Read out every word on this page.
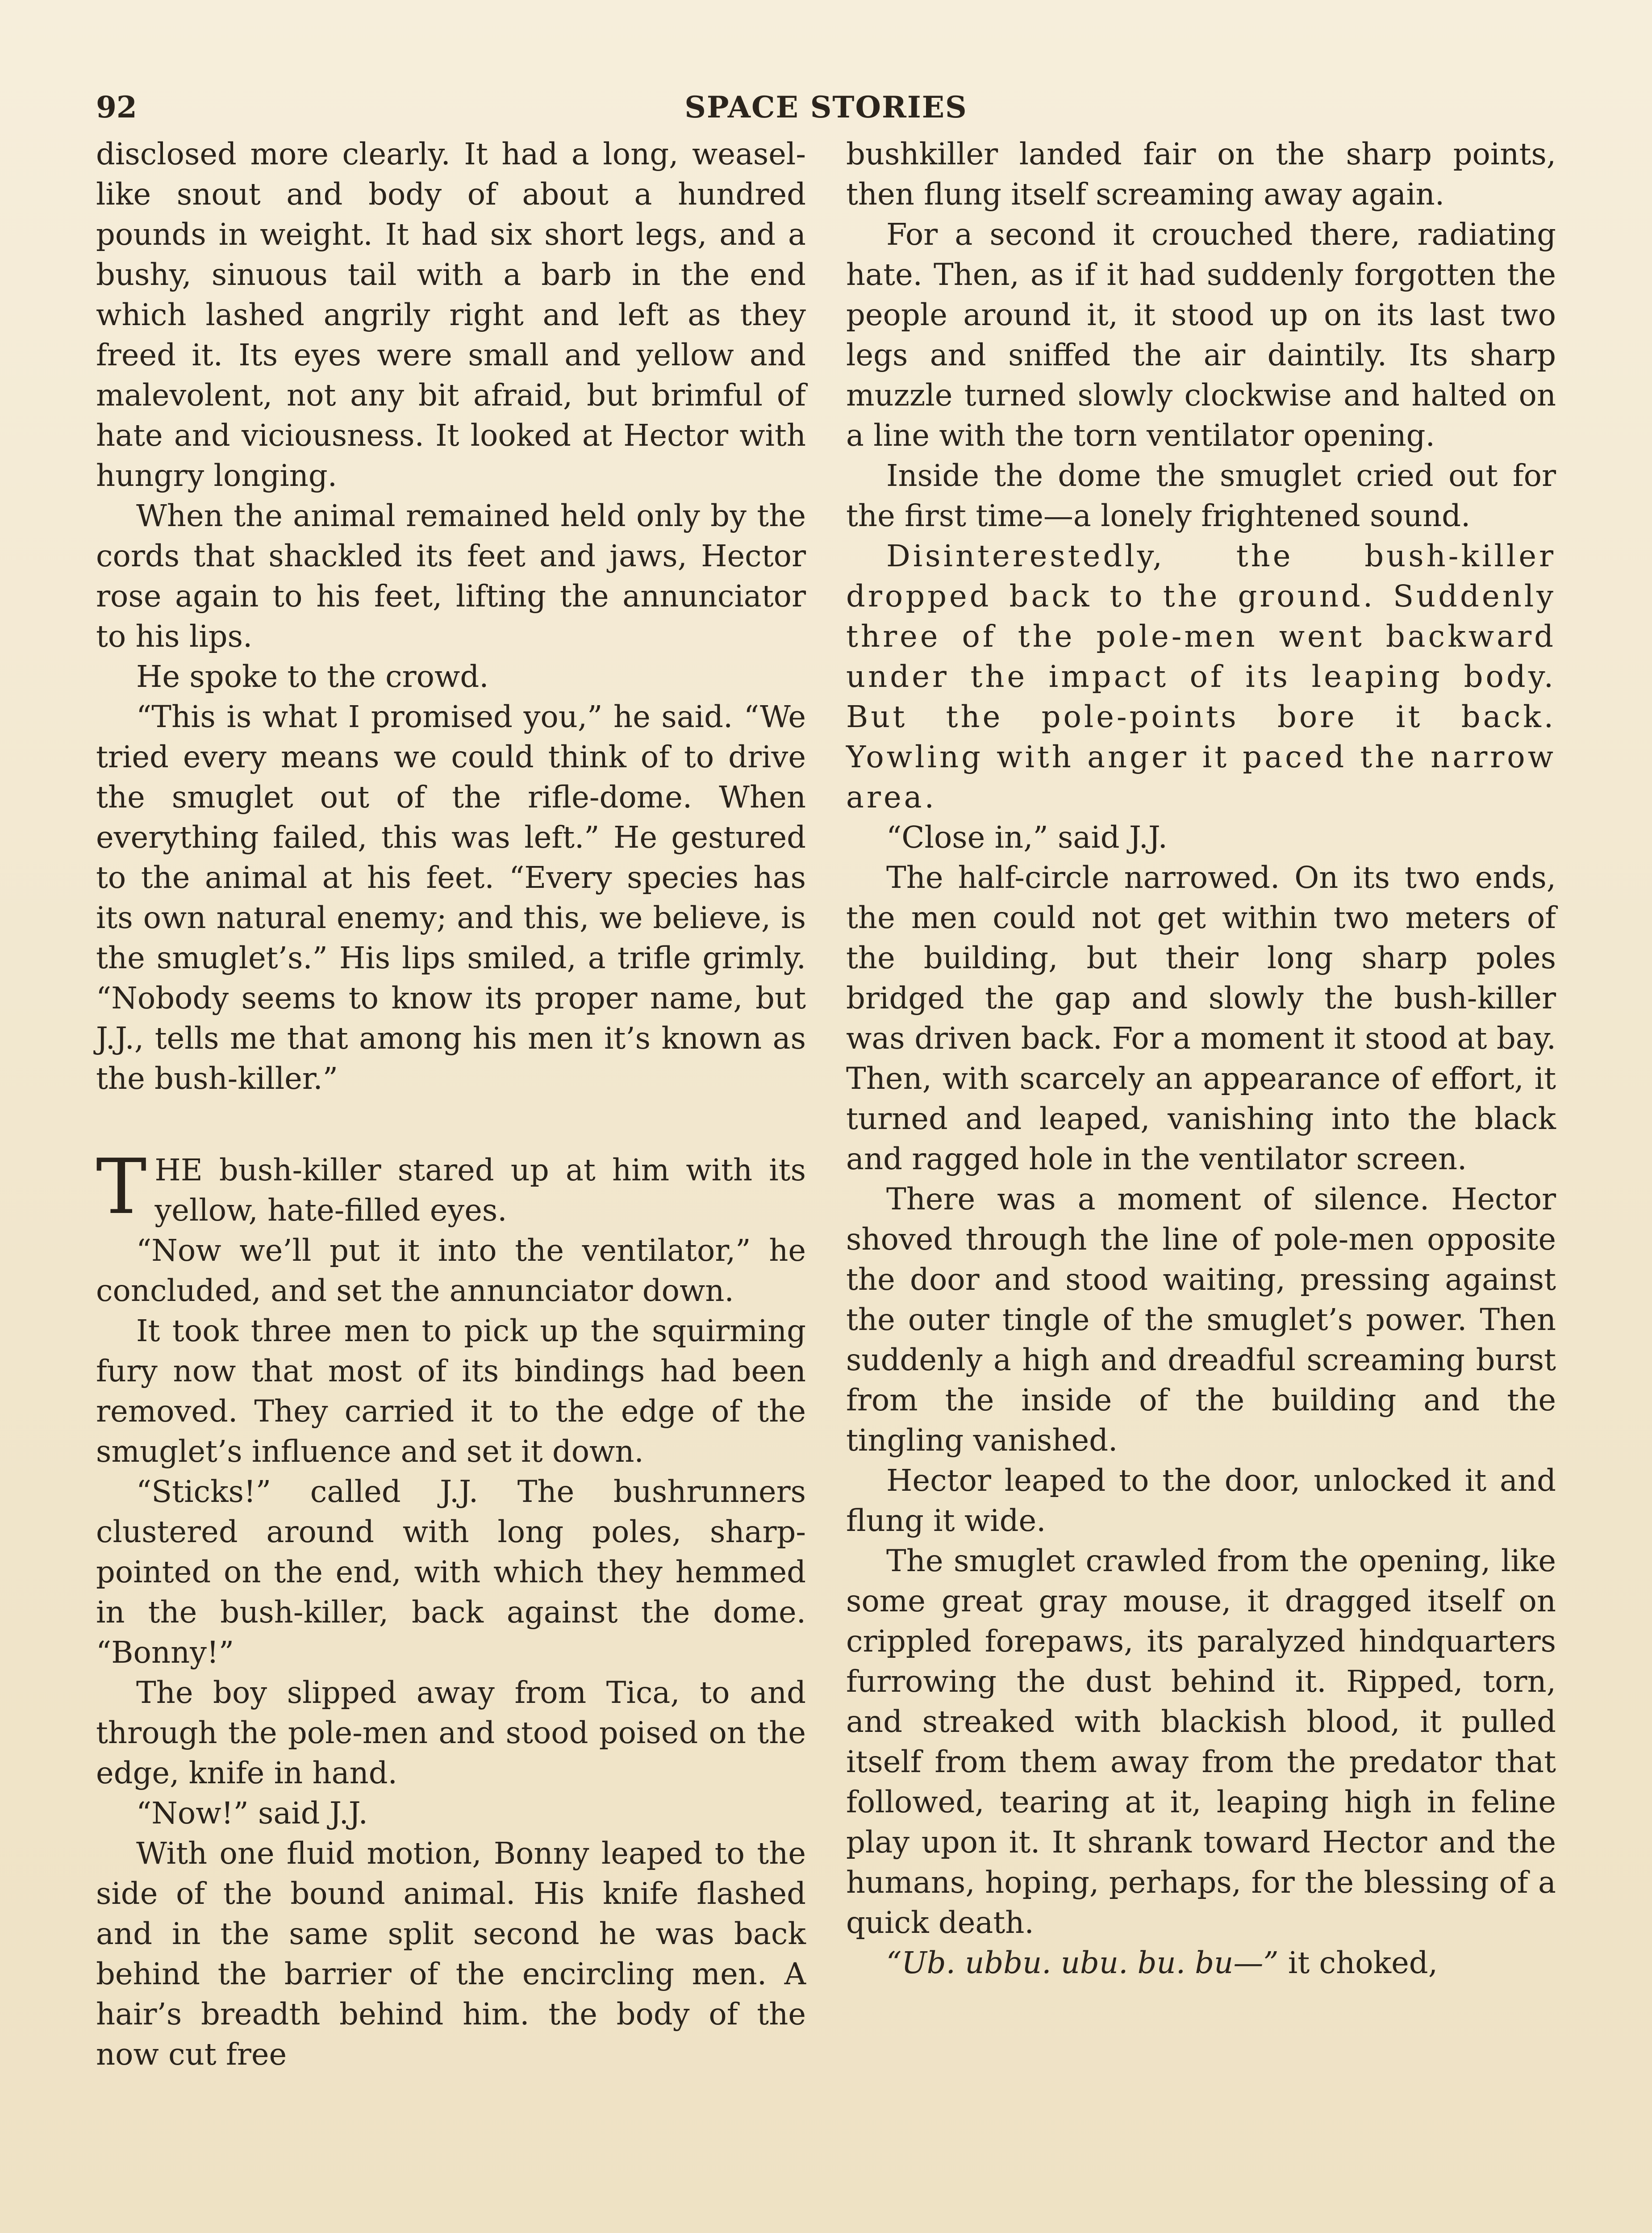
92	SPACE STORIES

disclosed more clearly. It had a long, weasel-like snout and body of about a hundred pounds in weight. It had six short legs, and a bushy, sinuous tail with a barb in the end which lashed angrily right and left as they freed it. Its eyes were small and yellow and malevolent, not any bit afraid, but brimful of hate and viciousness. It looked at Hector with hungry longing.

When the animal remained held only by the cords that shackled its feet and jaws, Hector rose again to his feet, lifting the annunciator to his lips.

He spoke to the crowd.

“This is what I promised you,” he said. “We tried every means we could think of to drive the smuglet out of the rifle-dome. When everything failed, this was left.” He gestured to the animal at his feet. “Every species has its own natural enemy; and this, we believe, is the smuglet’s.” His lips smiled, a trifle grimly. “Nobody seems to know its proper name, but J.J., tells me that among his men it’s known as the bush-killer.”

THE bush-killer stared up at him with its yellow, hate-filled eyes.

“Now we’ll put it into the ventilator,” he concluded, and set the annunciator down.

It took three men to pick up the squirming fury now that most of its bindings had been removed. They carried it to the edge of the smuglet’s influence and set it down.

“Sticks!” called J.J. The bushrunners clustered around with long poles, sharp-pointed on the end, with which they hemmed in the bush-killer, back against the dome. “Bonny!”

The boy slipped away from Tica, to and through the pole-men and stood poised on the edge, knife in hand.

“Now!” said J.J.

With one fluid motion, Bonny leaped to the side of the bound animal. His knife flashed and in the same split second he was back behind the barrier of the encircling men. A hair’s breadth behind him. the body of the now cut free

bushkiller landed fair on the sharp points, then flung itself screaming away again.

For a second it crouched there, radiating hate. Then, as if it had suddenly forgotten the people around it, it stood up on its last two legs and sniffed the air daintily. Its sharp muzzle turned slowly clockwise and halted on a line with the torn ventilator opening.

Inside the dome the smuglet cried out for the first time—a lonely frightened sound.

Disinterestedly, the bush-killer dropped back to the ground. Suddenly three of the pole-men went backward under the impact of its leaping body. But the pole-points bore it back. Yowling with anger it paced the narrow area.

“Close in,” said J.J.

The half-circle narrowed. On its two ends, the men could not get within two meters of the building, but their long sharp poles bridged the gap and slowly the bush-killer was driven back. For a moment it stood at bay. Then, with scarcely an appearance of effort, it turned and leaped, vanishing into the black and ragged hole in the ventilator screen.

There was a moment of silence. Hector shoved through the line of pole-men opposite the door and stood waiting, pressing against the outer tingle of the smuglet’s power. Then suddenly a high and dreadful screaming burst from the inside of the building and the tingling vanished.

Hector leaped to the door, unlocked it and flung it wide.

The smuglet crawled from the opening, like some great gray mouse, it dragged itself on crippled forepaws, its paralyzed hindquarters furrowing the dust behind it. Ripped, torn, and streaked with blackish blood, it pulled itself from them away from the predator that followed, tearing at it, leaping high in feline play upon it. It shrank toward Hector and the humans, hoping, perhaps, for the blessing of a quick death.

“Ub. ubbu. ubu. bu. bu—” it choked,
